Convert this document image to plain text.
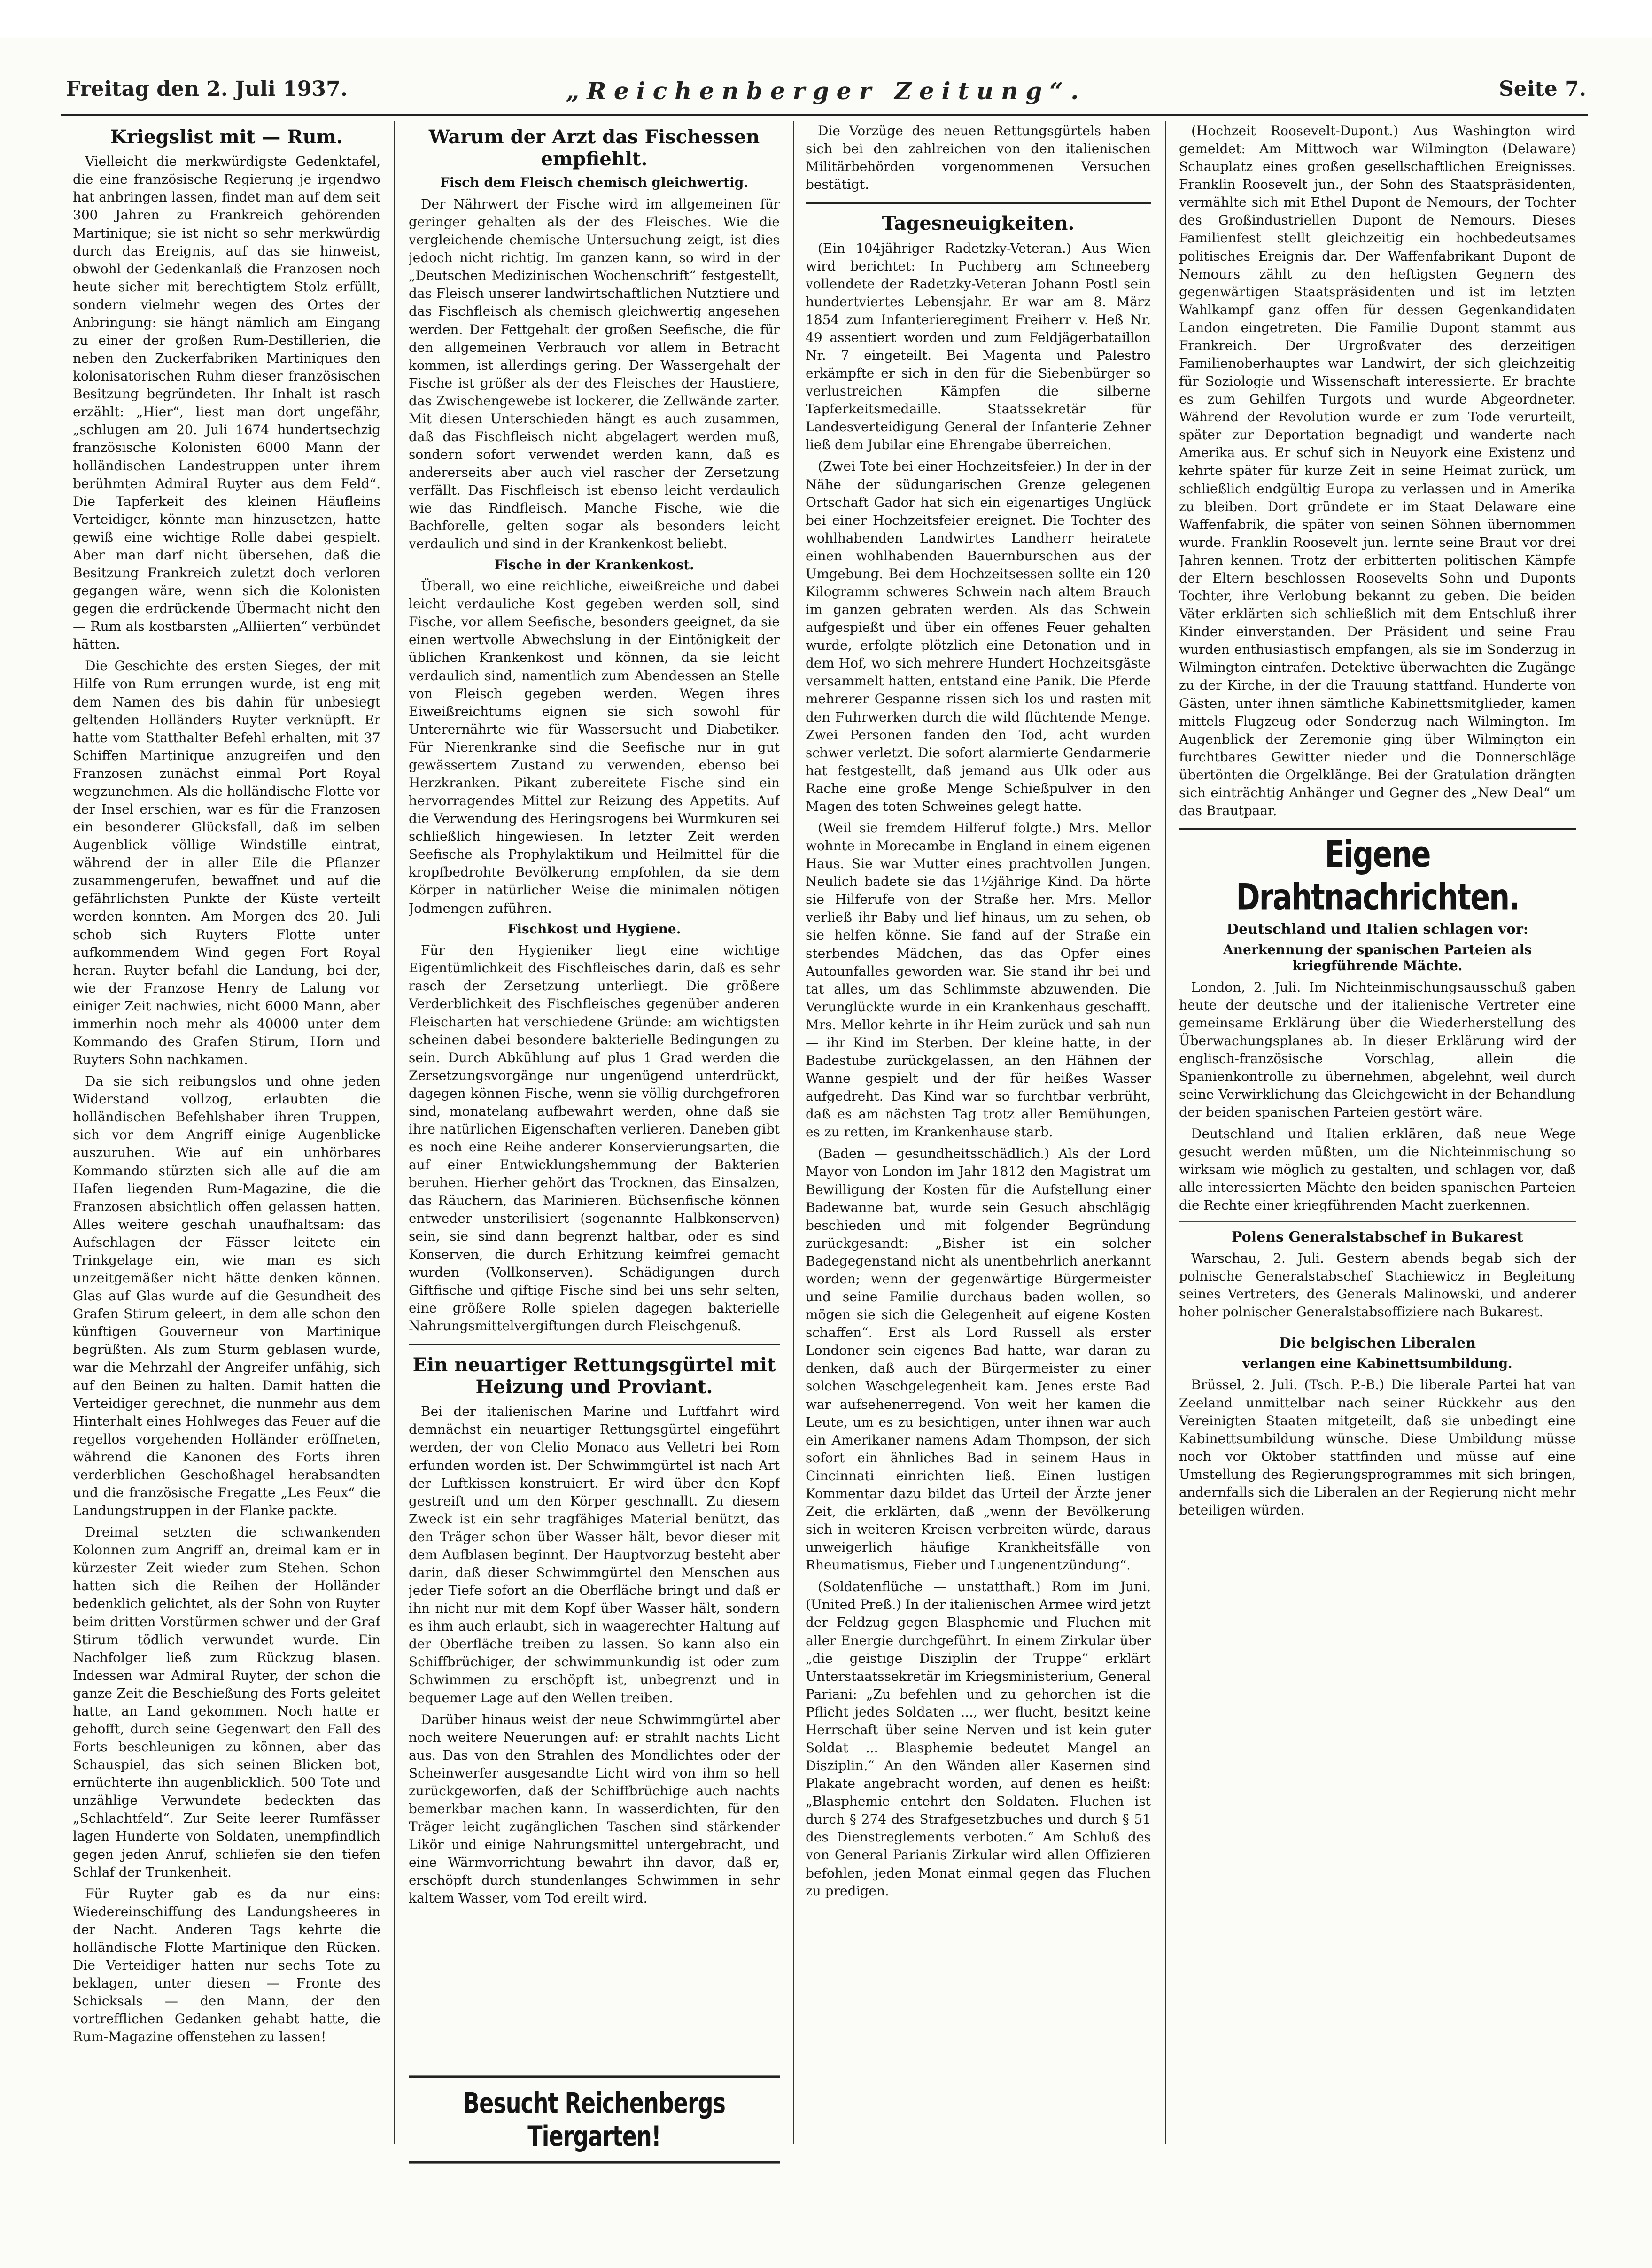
Freitag den 2. Juli 1937.	„Reichenberger Zeitung“.	Seite 7.
Kriegslist mit — Rum.

Vielleicht die merkwürdigste Gedenktafel, die eine französische Regierung je irgendwo hat anbringen lassen, findet man auf dem seit 300 Jahren zu Frankreich gehörenden Martinique; sie ist nicht so sehr merkwürdig durch das Ereignis, auf das sie hinweist, obwohl der Gedenkanlaß die Franzosen noch heute sicher mit berechtigtem Stolz erfüllt, sondern vielmehr wegen des Ortes der Anbringung: sie hängt nämlich am Eingang zu einer der großen Rum-Destillerien, die neben den Zuckerfabriken Martiniques den kolonisatorischen Ruhm dieser französischen Besitzung begründeten. Ihr Inhalt ist rasch erzählt: „Hier“, liest man dort ungefähr, „schlugen am 20. Juli 1674 hundertsechzig französische Kolonisten 6000 Mann der holländischen Landestruppen unter ihrem berühmten Admiral Ruyter aus dem Feld“. Die Tapferkeit des kleinen Häufleins Verteidiger, könnte man hinzusetzen, hatte gewiß eine wichtige Rolle dabei gespielt. Aber man darf nicht übersehen, daß die Besitzung Frankreich zuletzt doch verloren gegangen wäre, wenn sich die Kolonisten gegen die erdrückende Übermacht nicht den — Rum als kostbarsten „Alliierten“ verbündet hätten.

Die Geschichte des ersten Sieges, der mit Hilfe von Rum errungen wurde, ist eng mit dem Namen des bis dahin für unbesiegt geltenden Holländers Ruyter verknüpft. Er hatte vom Statthalter Befehl erhalten, mit 37 Schiffen Martinique anzugreifen und den Franzosen zunächst einmal Port Royal wegzunehmen. Als die holländische Flotte vor der Insel erschien, war es für die Franzosen ein besonderer Glücksfall, daß im selben Augenblick völlige Windstille eintrat, während der in aller Eile die Pflanzer zusammengerufen, bewaffnet und auf die gefährlichsten Punkte der Küste verteilt werden konnten. Am Morgen des 20. Juli schob sich Ruyters Flotte unter aufkommendem Wind gegen Fort Royal heran. Ruyter befahl die Landung, bei der, wie der Franzose Henry de Lalung vor einiger Zeit nachwies, nicht 6000 Mann, aber immerhin noch mehr als 40000 unter dem Kommando des Grafen Stirum, Horn und Ruyters Sohn nachkamen.

Da sie sich reibungslos und ohne jeden Widerstand vollzog, erlaubten die holländischen Befehlshaber ihren Truppen, sich vor dem Angriff einige Augenblicke auszuruhen. Wie auf ein unhörbares Kommando stürzten sich alle auf die am Hafen liegenden Rum-Magazine, die die Franzosen absichtlich offen gelassen hatten. Alles weitere geschah unaufhaltsam: das Aufschlagen der Fässer leitete ein Trinkgelage ein, wie man es sich unzeitgemäßer nicht hätte denken können. Glas auf Glas wurde auf die Gesundheit des Grafen Stirum geleert, in dem alle schon den künftigen Gouverneur von Martinique begrüßten. Als zum Sturm geblasen wurde, war die Mehrzahl der Angreifer unfähig, sich auf den Beinen zu halten. Damit hatten die Verteidiger gerechnet, die nunmehr aus dem Hinterhalt eines Hohlweges das Feuer auf die regellos vorgehenden Holländer eröffneten, während die Kanonen des Forts ihren verderblichen Geschoßhagel herabsandten und die französische Fregatte „Les Feux“ die Landungstruppen in der Flanke packte.

Dreimal setzten die schwankenden Kolonnen zum Angriff an, dreimal kam er in kürzester Zeit wieder zum Stehen. Schon hatten sich die Reihen der Holländer bedenklich gelichtet, als der Sohn von Ruyter beim dritten Vorstürmen schwer und der Graf Stirum tödlich verwundet wurde. Ein Nachfolger ließ zum Rückzug blasen. Indessen war Admiral Ruyter, der schon die ganze Zeit die Beschießung des Forts geleitet hatte, an Land gekommen. Noch hatte er gehofft, durch seine Gegenwart den Fall des Forts beschleunigen zu können, aber das Schauspiel, das sich seinen Blicken bot, ernüchterte ihn augenblicklich. 500 Tote und unzählige Verwundete bedeckten das „Schlachtfeld“. Zur Seite leerer Rumfässer lagen Hunderte von Soldaten, unempfindlich gegen jeden Anruf, schliefen sie den tiefen Schlaf der Trunkenheit.

Für Ruyter gab es da nur eins: Wiedereinschiffung des Landungsheeres in der Nacht. Anderen Tags kehrte die holländische Flotte Martinique den Rücken. Die Verteidiger hatten nur sechs Tote zu beklagen, unter diesen — Fronte des Schicksals — den Mann, der den vortrefflichen Gedanken gehabt hatte, die Rum-Magazine offenstehen zu lassen!

Warum der Arzt das Fischessen empfiehlt.
Fisch dem Fleisch chemisch gleichwertig.

Der Nährwert der Fische wird im allgemeinen für geringer gehalten als der des Fleisches. Wie die vergleichende chemische Untersuchung zeigt, ist dies jedoch nicht richtig. Im ganzen kann, so wird in der „Deutschen Medizinischen Wochenschrift“ festgestellt, das Fleisch unserer landwirtschaftlichen Nutztiere und das Fischfleisch als chemisch gleichwertig angesehen werden. Der Fettgehalt der großen Seefische, die für den allgemeinen Verbrauch vor allem in Betracht kommen, ist allerdings gering. Der Wassergehalt der Fische ist größer als der des Fleisches der Haustiere, das Zwischengewebe ist lockerer, die Zellwände zarter. Mit diesen Unterschieden hängt es auch zusammen, daß das Fischfleisch nicht abgelagert werden muß, sondern sofort verwendet werden kann, daß es andererseits aber auch viel rascher der Zersetzung verfällt. Das Fischfleisch ist ebenso leicht verdaulich wie das Rindfleisch. Manche Fische, wie die Bachforelle, gelten sogar als besonders leicht verdaulich und sind in der Krankenkost beliebt.

Fische in der Krankenkost.

Überall, wo eine reichliche, eiweißreiche und dabei leicht verdauliche Kost gegeben werden soll, sind Fische, vor allem Seefische, besonders geeignet, da sie einen wertvolle Abwechslung in der Eintönigkeit der üblichen Krankenkost und können, da sie leicht verdaulich sind, namentlich zum Abendessen an Stelle von Fleisch gegeben werden. Wegen ihres Eiweißreichtums eignen sie sich sowohl für Unterernährte wie für Wassersucht und Diabetiker. Für Nierenkranke sind die Seefische nur in gut gewässertem Zustand zu verwenden, ebenso bei Herzkranken. Pikant zubereitete Fische sind ein hervorragendes Mittel zur Reizung des Appetits. Auf die Verwendung des Heringsrogens bei Wurmkuren sei schließlich hingewiesen. In letzter Zeit werden Seefische als Prophylaktikum und Heilmittel für die kropfbedrohte Bevölkerung empfohlen, da sie dem Körper in natürlicher Weise die minimalen nötigen Jodmengen zuführen.

Fischkost und Hygiene.

Für den Hygieniker liegt eine wichtige Eigentümlichkeit des Fischfleisches darin, daß es sehr rasch der Zersetzung unterliegt. Die größere Verderblichkeit des Fischfleisches gegenüber anderen Fleischarten hat verschiedene Gründe: am wichtigsten scheinen dabei besondere bakterielle Bedingungen zu sein. Durch Abkühlung auf plus 1 Grad werden die Zersetzungsvorgänge nur ungenügend unterdrückt, dagegen können Fische, wenn sie völlig durchgefroren sind, monatelang aufbewahrt werden, ohne daß sie ihre natürlichen Eigenschaften verlieren. Daneben gibt es noch eine Reihe anderer Konservierungsarten, die auf einer Entwicklungshemmung der Bakterien beruhen. Hierher gehört das Trocknen, das Einsalzen, das Räuchern, das Marinieren. Büchsenfische können entweder unsterilisiert (sogenannte Halbkonserven) sein, sie sind dann begrenzt haltbar, oder es sind Konserven, die durch Erhitzung keimfrei gemacht wurden (Vollkonserven). Schädigungen durch Giftfische und giftige Fische sind bei uns sehr selten, eine größere Rolle spielen dagegen bakterielle Nahrungsmittelvergiftungen durch Fleischgenuß.

Ein neuartiger Rettungsgürtel mit Heizung und Proviant.

Bei der italienischen Marine und Luftfahrt wird demnächst ein neuartiger Rettungsgürtel eingeführt werden, der von Clelio Monaco aus Velletri bei Rom erfunden worden ist. Der Schwimmgürtel ist nach Art der Luftkissen konstruiert. Er wird über den Kopf gestreift und um den Körper geschnallt. Zu diesem Zweck ist ein sehr tragfähiges Material benützt, das den Träger schon über Wasser hält, bevor dieser mit dem Aufblasen beginnt. Der Hauptvorzug besteht aber darin, daß dieser Schwimmgürtel den Menschen aus jeder Tiefe sofort an die Oberfläche bringt und daß er ihn nicht nur mit dem Kopf über Wasser hält, sondern es ihm auch erlaubt, sich in waagerechter Haltung auf der Oberfläche treiben zu lassen. So kann also ein Schiffbrüchiger, der schwimmunkundig ist oder zum Schwimmen zu erschöpft ist, unbegrenzt und in bequemer Lage auf den Wellen treiben.

Darüber hinaus weist der neue Schwimmgürtel aber noch weitere Neuerungen auf: er strahlt nachts Licht aus. Das von den Strahlen des Mondlichtes oder der Scheinwerfer ausgesandte Licht wird von ihm so hell zurückgeworfen, daß der Schiffbrüchige auch nachts bemerkbar machen kann. In wasserdichten, für den Träger leicht zugänglichen Taschen sind stärkender Likör und einige Nahrungsmittel untergebracht, und eine Wärmvorrichtung bewahrt ihn davor, daß er, erschöpft durch stundenlanges Schwimmen in sehr kaltem Wasser, vom Tod ereilt wird.

Besucht Reichenbergs Tiergarten!

Die Vorzüge des neuen Rettungsgürtels haben sich bei den zahlreichen von den italienischen Militärbehörden vorgenommenen Versuchen bestätigt.

Tagesneuigkeiten.

(Ein 104jähriger Radetzky-Veteran.) Aus Wien wird berichtet: In Puchberg am Schneeberg vollendete der Radetzky-Veteran Johann Postl sein hundertviertes Lebensjahr. Er war am 8. März 1854 zum Infanterieregiment Freiherr v. Heß Nr. 49 assentiert worden und zum Feldjägerbataillon Nr. 7 eingeteilt. Bei Magenta und Palestro erkämpfte er sich in den für die Siebenbürger so verlustreichen Kämpfen die silberne Tapferkeitsmedaille. Staatssekretär für Landesverteidigung General der Infanterie Zehner ließ dem Jubilar eine Ehrengabe überreichen.

(Zwei Tote bei einer Hochzeitsfeier.) In der in der Nähe der südungarischen Grenze gelegenen Ortschaft Gador hat sich ein eigenartiges Unglück bei einer Hochzeitsfeier ereignet. Die Tochter des wohlhabenden Landwirtes Landherr heiratete einen wohlhabenden Bauernburschen aus der Umgebung. Bei dem Hochzeitsessen sollte ein 120 Kilogramm schweres Schwein nach altem Brauch im ganzen gebraten werden. Als das Schwein aufgespießt und über ein offenes Feuer gehalten wurde, erfolgte plötzlich eine Detonation und in dem Hof, wo sich mehrere Hundert Hochzeitsgäste versammelt hatten, entstand eine Panik. Die Pferde mehrerer Gespanne rissen sich los und rasten mit den Fuhrwerken durch die wild flüchtende Menge. Zwei Personen fanden den Tod, acht wurden schwer verletzt. Die sofort alarmierte Gendarmerie hat festgestellt, daß jemand aus Ulk oder aus Rache eine große Menge Schießpulver in den Magen des toten Schweines gelegt hatte.

(Weil sie fremdem Hilferuf folgte.) Mrs. Mellor wohnte in Morecambe in England in einem eigenen Haus. Sie war Mutter eines prachtvollen Jungen. Neulich badete sie das 1½jährige Kind. Da hörte sie Hilferufe von der Straße her. Mrs. Mellor verließ ihr Baby und lief hinaus, um zu sehen, ob sie helfen könne. Sie fand auf der Straße ein sterbendes Mädchen, das das Opfer eines Autounfalles geworden war. Sie stand ihr bei und tat alles, um das Schlimmste abzuwenden. Die Verunglückte wurde in ein Krankenhaus geschafft. Mrs. Mellor kehrte in ihr Heim zurück und sah nun — ihr Kind im Sterben. Der kleine hatte, in der Badestube zurückgelassen, an den Hähnen der Wanne gespielt und der für heißes Wasser aufgedreht. Das Kind war so furchtbar verbrüht, daß es am nächsten Tag trotz aller Bemühungen, es zu retten, im Krankenhause starb.

(Baden — gesundheitsschädlich.) Als der Lord Mayor von London im Jahr 1812 den Magistrat um Bewilligung der Kosten für die Aufstellung einer Badewanne bat, wurde sein Gesuch abschlägig beschieden und mit folgender Begründung zurückgesandt: „Bisher ist ein solcher Badegegenstand nicht als unentbehrlich anerkannt worden; wenn der gegenwärtige Bürgermeister und seine Familie durchaus baden wollen, so mögen sie sich die Gelegenheit auf eigene Kosten schaffen“. Erst als Lord Russell als erster Londoner sein eigenes Bad hatte, war daran zu denken, daß auch der Bürgermeister zu einer solchen Waschgelegenheit kam. Jenes erste Bad war aufsehenerregend. Von weit her kamen die Leute, um es zu besichtigen, unter ihnen war auch ein Amerikaner namens Adam Thompson, der sich sofort ein ähnliches Bad in seinem Haus in Cincinnati einrichten ließ. Einen lustigen Kommentar dazu bildet das Urteil der Ärzte jener Zeit, die erklärten, daß „wenn der Bevölkerung sich in weiteren Kreisen verbreiten würde, daraus unweigerlich häufige Krankheitsfälle von Rheumatismus, Fieber und Lungenentzündung“.

(Soldatenflüche — unstatthaft.) Rom im Juni. (United Preß.) In der italienischen Armee wird jetzt der Feldzug gegen Blasphemie und Fluchen mit aller Energie durchgeführt. In einem Zirkular über „die geistige Disziplin der Truppe“ erklärt Unterstaatssekretär im Kriegsministerium, General Pariani: „Zu befehlen und zu gehorchen ist die Pflicht jedes Soldaten ..., wer flucht, besitzt keine Herrschaft über seine Nerven und ist kein guter Soldat ... Blasphemie bedeutet Mangel an Disziplin.“ An den Wänden aller Kasernen sind Plakate angebracht worden, auf denen es heißt: „Blasphemie entehrt den Soldaten. Fluchen ist durch § 274 des Strafgesetzbuches und durch § 51 des Dienstreglements verboten.“ Am Schluß des von General Parianis Zirkular wird allen Offizieren befohlen, jeden Monat einmal gegen das Fluchen zu predigen.

(Hochzeit Roosevelt-Dupont.) Aus Washington wird gemeldet: Am Mittwoch war Wilmington (Delaware) Schauplatz eines großen gesellschaftlichen Ereignisses. Franklin Roosevelt jun., der Sohn des Staatspräsidenten, vermählte sich mit Ethel Dupont de Nemours, der Tochter des Großindustriellen Dupont de Nemours. Dieses Familienfest stellt gleichzeitig ein hochbedeutsames politisches Ereignis dar. Der Waffenfabrikant Dupont de Nemours zählt zu den heftigsten Gegnern des gegenwärtigen Staatspräsidenten und ist im letzten Wahlkampf ganz offen für dessen Gegenkandidaten Landon eingetreten. Die Familie Dupont stammt aus Frankreich. Der Urgroßvater des derzeitigen Familienoberhauptes war Landwirt, der sich gleichzeitig für Soziologie und Wissenschaft interessierte. Er brachte es zum Gehilfen Turgots und wurde Abgeordneter. Während der Revolution wurde er zum Tode verurteilt, später zur Deportation begnadigt und wanderte nach Amerika aus. Er schuf sich in Neuyork eine Existenz und kehrte später für kurze Zeit in seine Heimat zurück, um schließlich endgültig Europa zu verlassen und in Amerika zu bleiben. Dort gründete er im Staat Delaware eine Waffenfabrik, die später von seinen Söhnen übernommen wurde. Franklin Roosevelt jun. lernte seine Braut vor drei Jahren kennen. Trotz der erbitterten politischen Kämpfe der Eltern beschlossen Roosevelts Sohn und Duponts Tochter, ihre Verlobung bekannt zu geben. Die beiden Väter erklärten sich schließlich mit dem Entschluß ihrer Kinder einverstanden. Der Präsident und seine Frau wurden enthusiastisch empfangen, als sie im Sonderzug in Wilmington eintrafen. Detektive überwachten die Zugänge zu der Kirche, in der die Trauung stattfand. Hunderte von Gästen, unter ihnen sämtliche Kabinettsmitglieder, kamen mittels Flugzeug oder Sonderzug nach Wilmington. Im Augenblick der Zeremonie ging über Wilmington ein furchtbares Gewitter nieder und die Donnerschläge übertönten die Orgelklänge. Bei der Gratulation drängten sich einträchtig Anhänger und Gegner des „New Deal“ um das Brautpaar.

Eigene Drahtnachrichten.
Deutschland und Italien schlagen vor:
Anerkennung der spanischen Parteien als kriegführende Mächte.

London, 2. Juli. Im Nichteinmischungsausschuß gaben heute der deutsche und der italienische Vertreter eine gemeinsame Erklärung über die Wiederherstellung des Überwachungsplanes ab. In dieser Erklärung wird der englisch-französische Vorschlag, allein die Spanienkontrolle zu übernehmen, abgelehnt, weil durch seine Verwirklichung das Gleichgewicht in der Behandlung der beiden spanischen Parteien gestört wäre.

Deutschland und Italien erklären, daß neue Wege gesucht werden müßten, um die Nichteinmischung so wirksam wie möglich zu gestalten, und schlagen vor, daß alle interessierten Mächte den beiden spanischen Parteien die Rechte einer kriegführenden Macht zuerkennen.

Polens Generalstabschef in Bukarest

Warschau, 2. Juli. Gestern abends begab sich der polnische Generalstabschef Stachiewicz in Begleitung seines Vertreters, des Generals Malinowski, und anderer hoher polnischer Generalstabsoffiziere nach Bukarest.

Die belgischen Liberalen
verlangen eine Kabinettsumbildung.

Brüssel, 2. Juli. (Tsch. P.-B.) Die liberale Partei hat van Zeeland unmittelbar nach seiner Rückkehr aus den Vereinigten Staaten mitgeteilt, daß sie unbedingt eine Kabinettsumbildung wünsche. Diese Umbildung müsse noch vor Oktober stattfinden und müsse auf eine Umstellung des Regierungsprogrammes mit sich bringen, andernfalls sich die Liberalen an der Regierung nicht mehr beteiligen würden.
